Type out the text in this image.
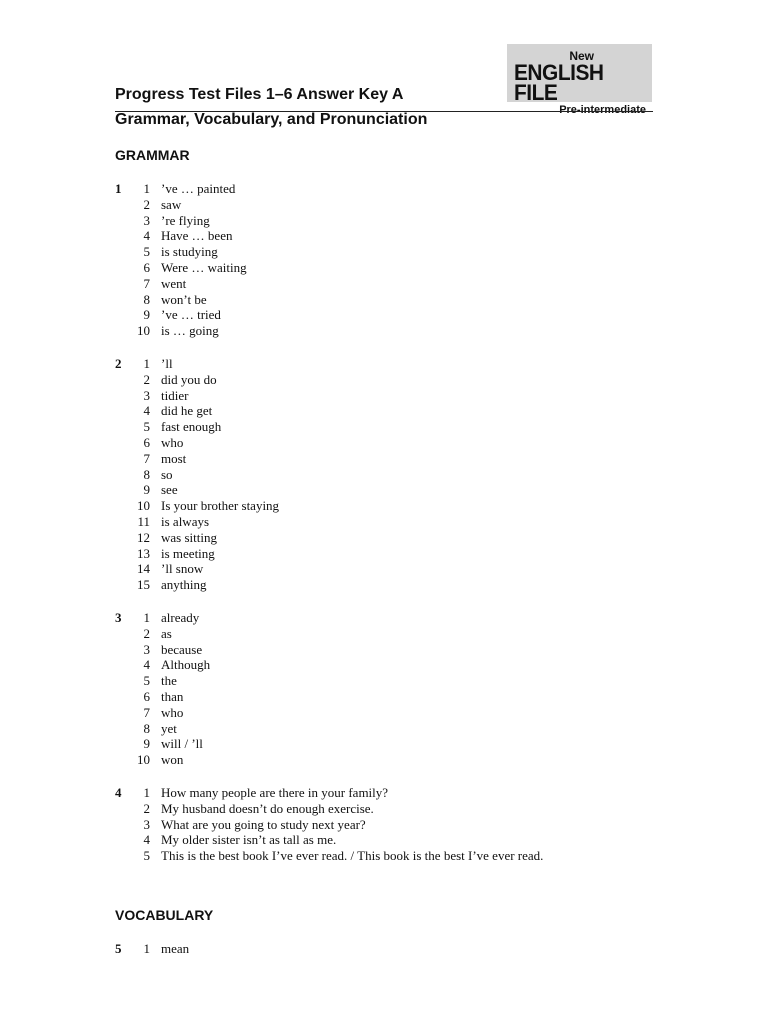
New
ENGLISH FILE
Pre-intermediate
Progress Test Files 1–6 Answer Key A
Grammar, Vocabulary, and Pronunciation
GRAMMAR
1	1 ’ve … painted
2 saw
3 ’re flying
4 Have … been
5 is studying
6 Were … waiting
7 went
8 won’t be
9 ’ve … tried
10 is … going
2	1 ’ll
2 did you do
3 tidier
4 did he get
5 fast enough
6 who
7 most
8 so
9 see
10 Is your brother staying
11 is always
12 was sitting
13 is meeting
14 ’ll snow
15 anything
3	1 already
2 as
3 because
4 Although
5 the
6 than
7 who
8 yet
9 will / ’ll
10 won
4	1 How many people are there in your family?
2 My husband doesn’t do enough exercise.
3 What are you going to study next year?
4 My older sister isn’t as tall as me.
5 This is the best book I’ve ever read. / This book is the best I’ve ever read.
VOCABULARY
5	1 mean
